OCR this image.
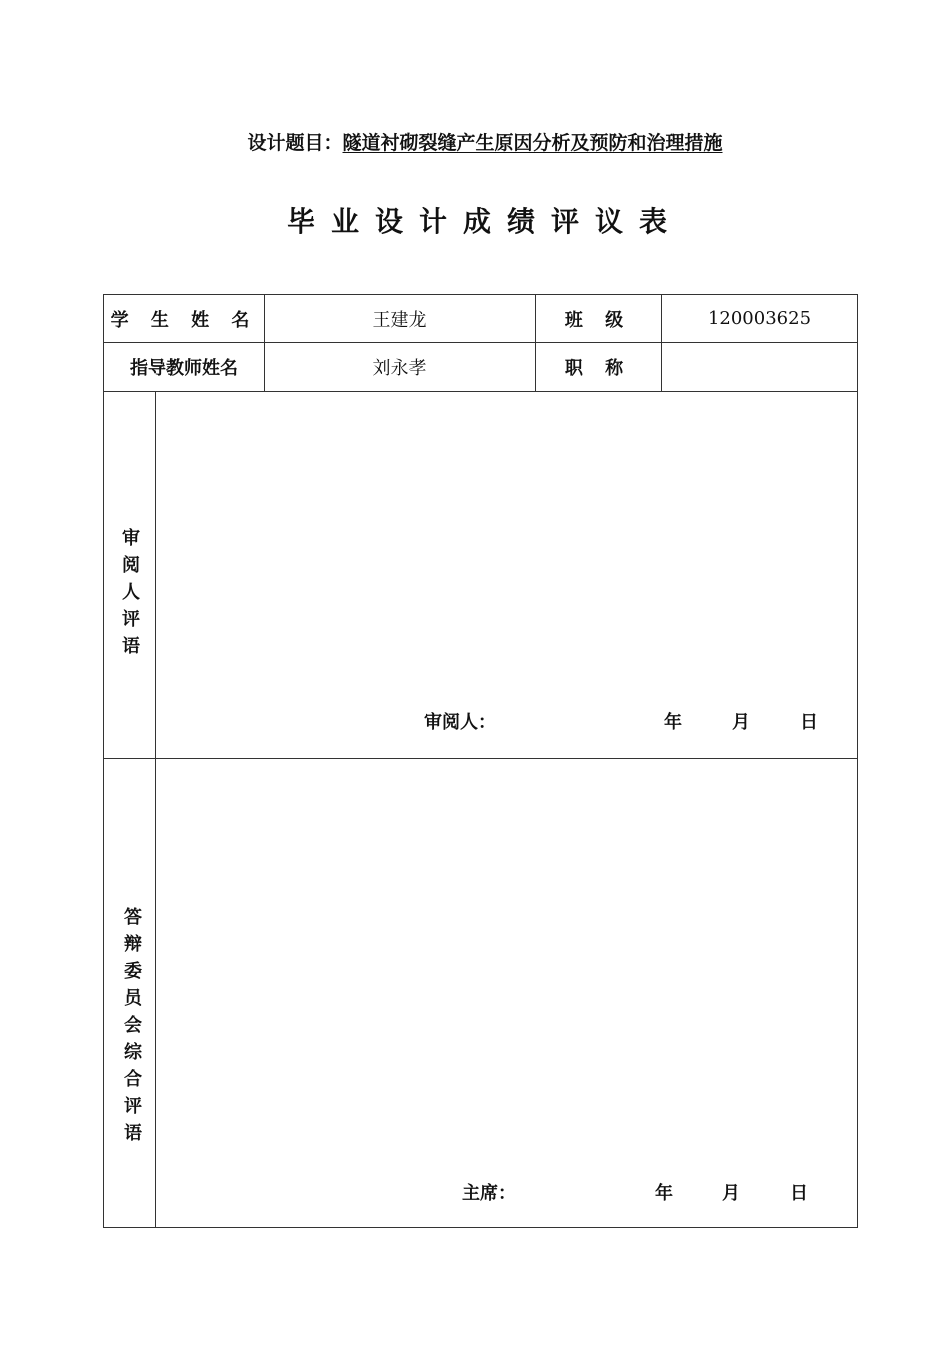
设计题目：隧道衬砌裂缝产生原因分析及预防和治理措施
毕业设计成绩评议表
学 生 姓 名	王建龙	班 级	120003625
指导教师姓名	刘永孝	职 称
审阅人评语
审阅人：	年	月	日
答辩委员会综合评语
主席：	年	月	日
